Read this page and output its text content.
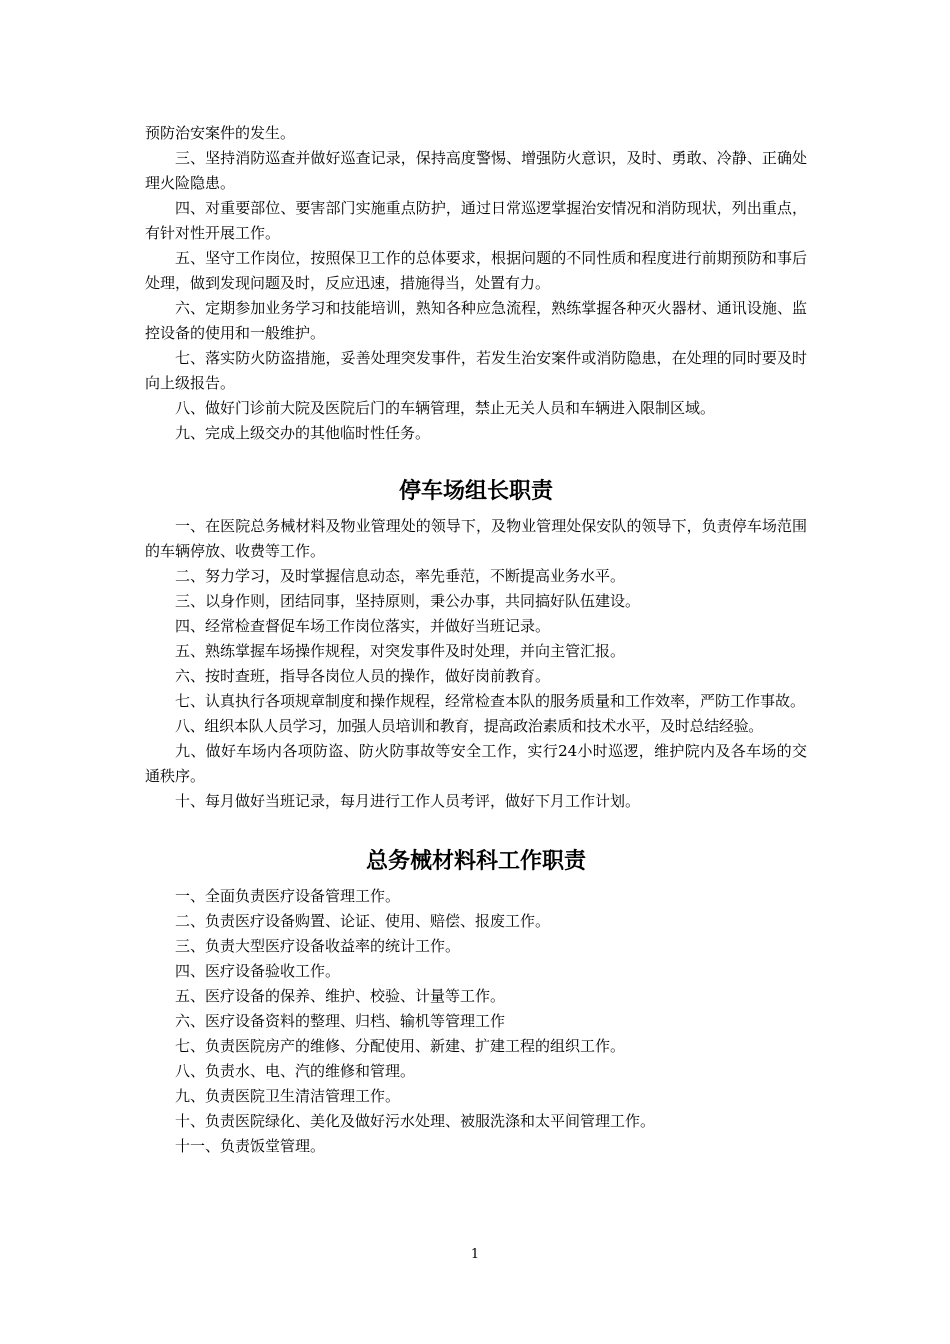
预防治安案件的发生。

三、坚持消防巡查并做好巡查记录，保持高度警惕、增强防火意识，及时、勇敢、冷静、正确处理火险隐患。

四、对重要部位、要害部门实施重点防护，通过日常巡逻掌握治安情况和消防现状，列出重点，有针对性开展工作。

五、坚守工作岗位，按照保卫工作的总体要求，根据问题的不同性质和程度进行前期预防和事后处理，做到发现问题及时，反应迅速，措施得当，处置有力。

六、定期参加业务学习和技能培训，熟知各种应急流程，熟练掌握各种灭火器材、通讯设施、监控设备的使用和一般维护。

七、落实防火防盗措施，妥善处理突发事件，若发生治安案件或消防隐患，在处理的同时要及时向上级报告。

八、做好门诊前大院及医院后门的车辆管理，禁止无关人员和车辆进入限制区域。

九、完成上级交办的其他临时性任务。

停车场组长职责

一、在医院总务械材料及物业管理处的领导下，及物业管理处保安队的领导下，负责停车场范围的车辆停放、收费等工作。

二、努力学习，及时掌握信息动态，率先垂范，不断提高业务水平。

三、以身作则，团结同事，坚持原则，秉公办事，共同搞好队伍建设。

四、经常检查督促车场工作岗位落实，并做好当班记录。

五、熟练掌握车场操作规程，对突发事件及时处理，并向主管汇报。

六、按时查班，指导各岗位人员的操作，做好岗前教育。

七、认真执行各项规章制度和操作规程，经常检查本队的服务质量和工作效率，严防工作事故。

八、组织本队人员学习，加强人员培训和教育，提高政治素质和技术水平，及时总结经验。

九、做好车场内各项防盗、防火防事故等安全工作，实行24小时巡逻，维护院内及各车场的交通秩序。

十、每月做好当班记录，每月进行工作人员考评，做好下月工作计划。

总务械材料科工作职责

一、全面负责医疗设备管理工作。

二、负责医疗设备购置、论证、使用、赔偿、报废工作。

三、负责大型医疗设备收益率的统计工作。

四、医疗设备验收工作。

五、医疗设备的保养、维护、校验、计量等工作。

六、医疗设备资料的整理、归档、输机等管理工作

七、负责医院房产的维修、分配使用、新建、扩建工程的组织工作。

八、负责水、电、汽的维修和管理。

九、负责医院卫生清洁管理工作。

十、负责医院绿化、美化及做好污水处理、被服洗涤和太平间管理工作。

十一、负责饭堂管理。

1
